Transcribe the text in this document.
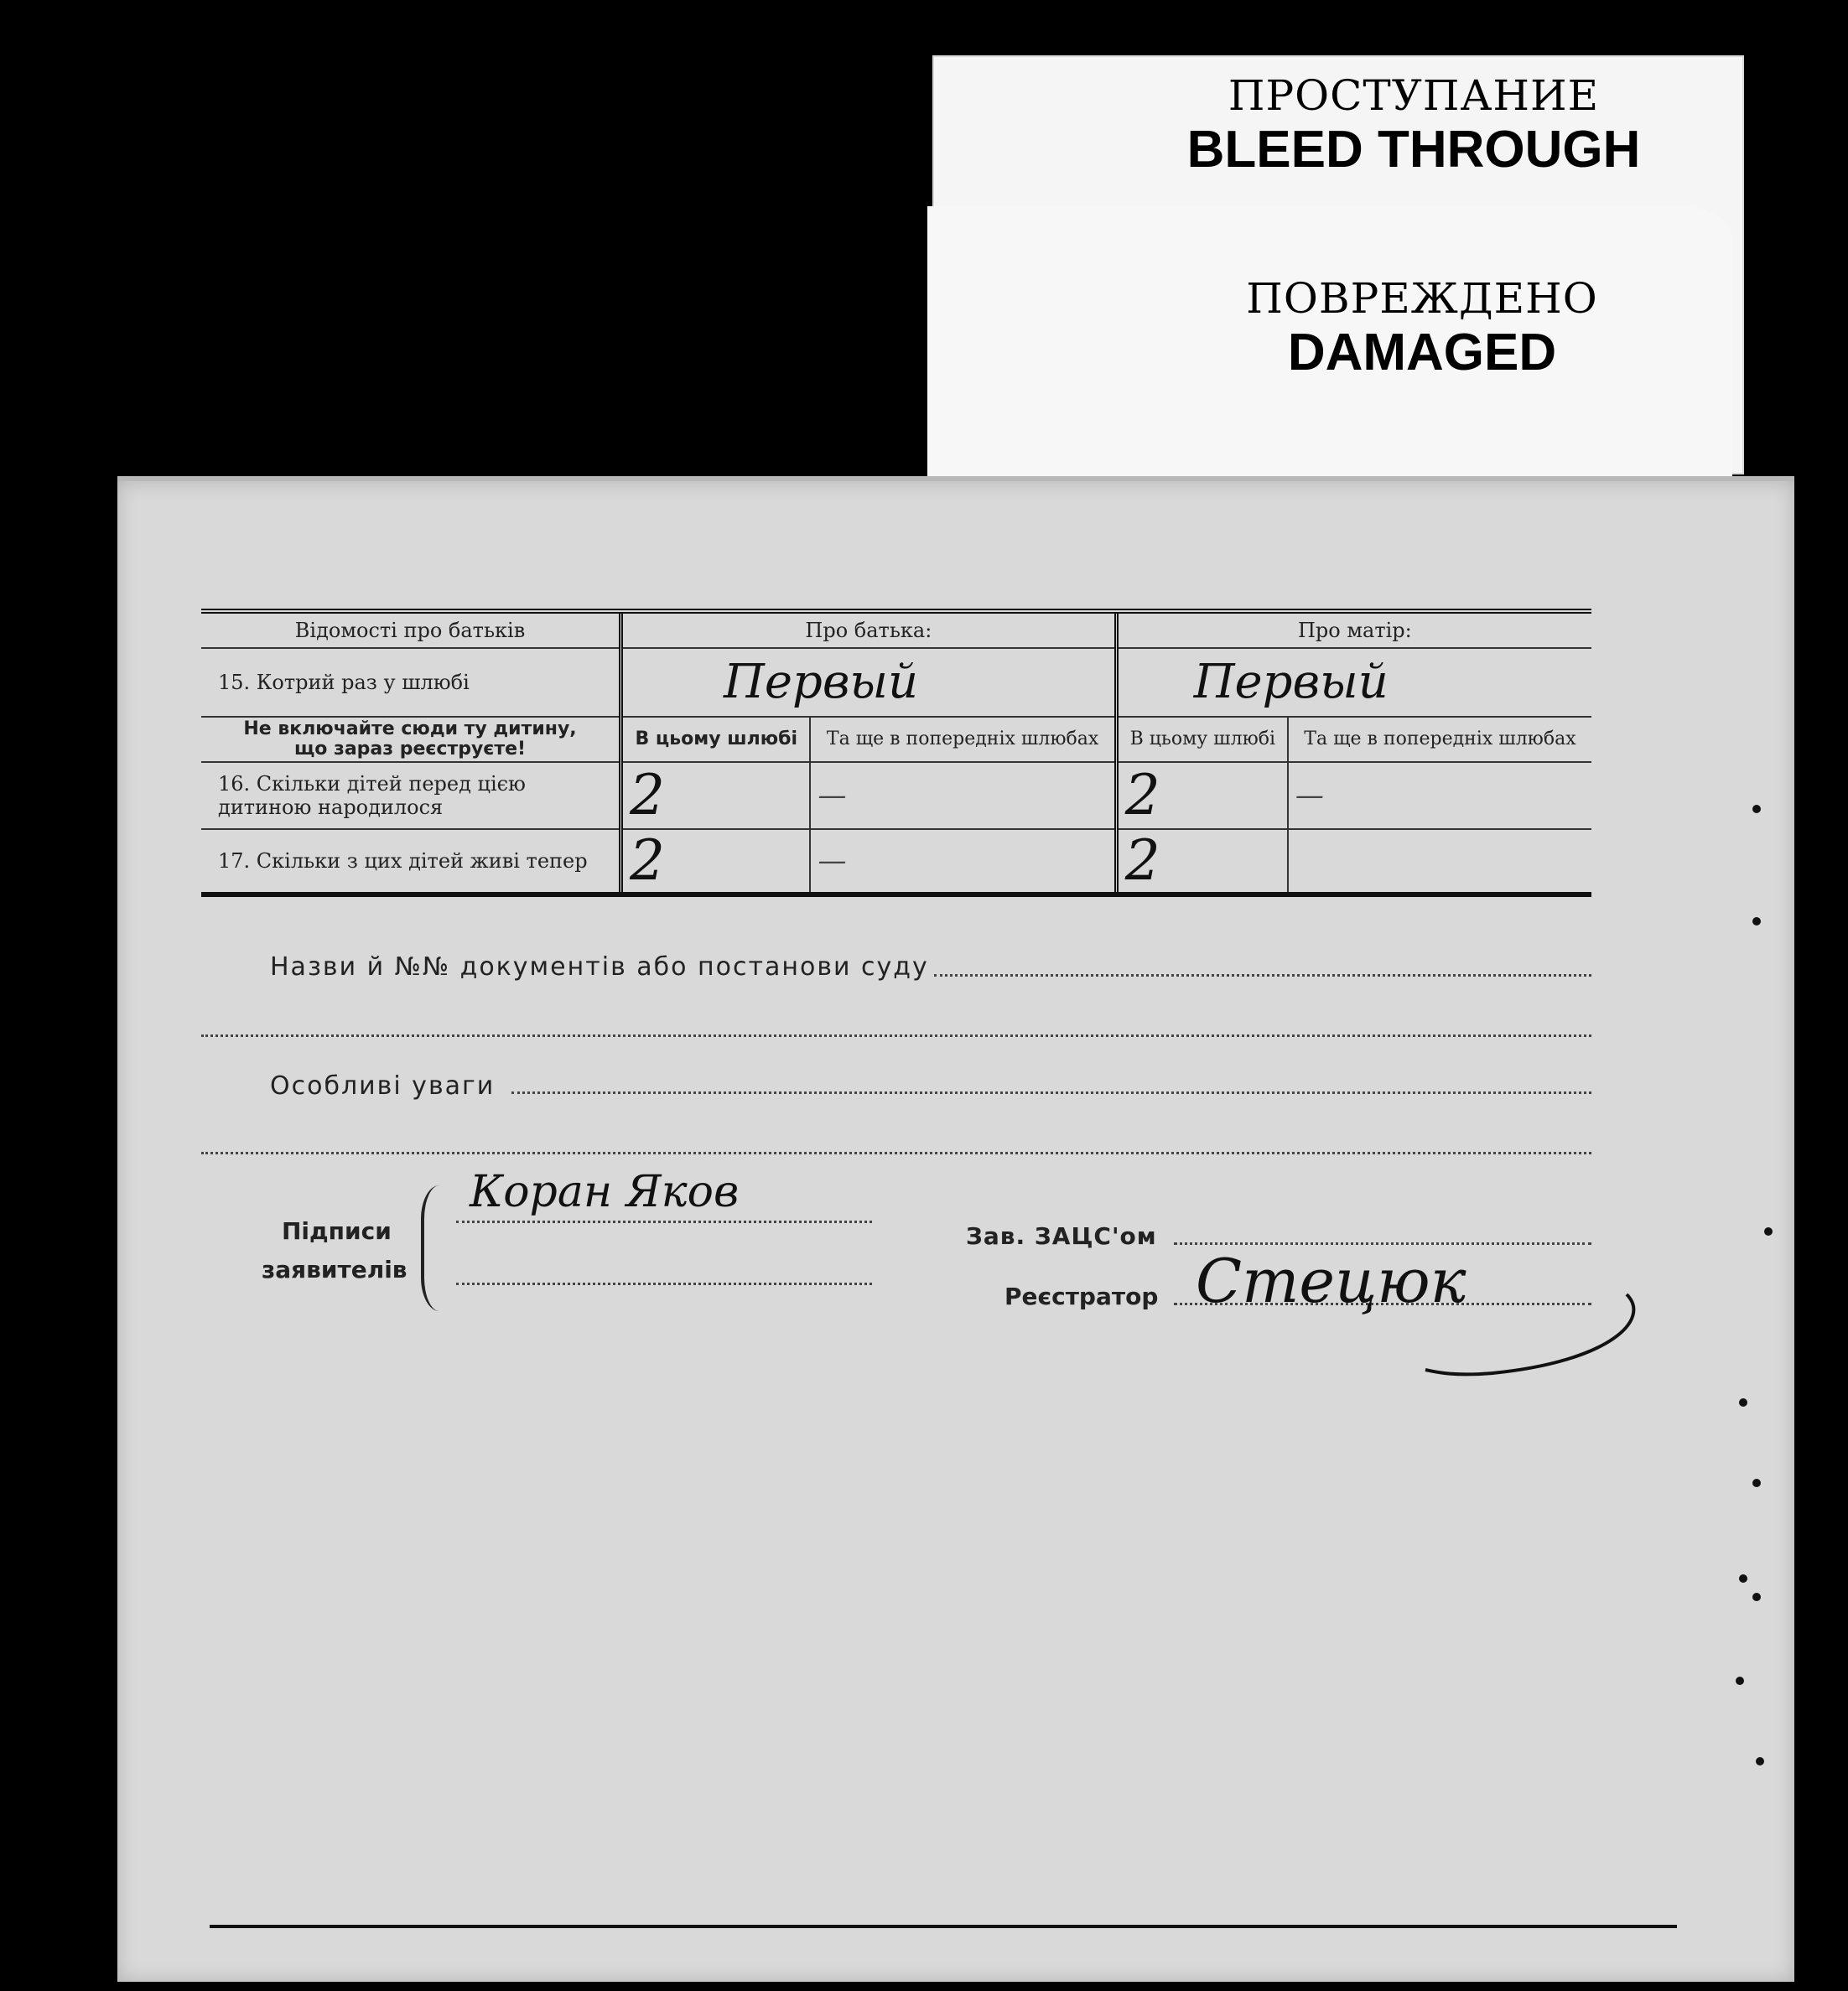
ПРОСТУПАНИЕ
BLEED THROUGH
ПОВРЕЖДЕНО
DAMAGED
Відомості про батьків	Про батька:		Про матір:	
15. Котрий раз у шлюбі	Первый		Первый	

Не включайте сюди ту дитину,
що зараз реєструєте!	В цьому шлюбі	Та ще в попередніх шлюбах	В цьому шлюбі	Та ще в попередніх шлюбах
16. Скільки дітей перед цією дитиною народилося	2	—	2	—
17. Скільки з цих дітей живі тепер	2	—	2	
Назви й №№ документів або постанови суду
Особливі уваги
Підписи
заявителів
Коран Яков
Зав. ЗАЦС'ом
Реєстратор Стецюк
